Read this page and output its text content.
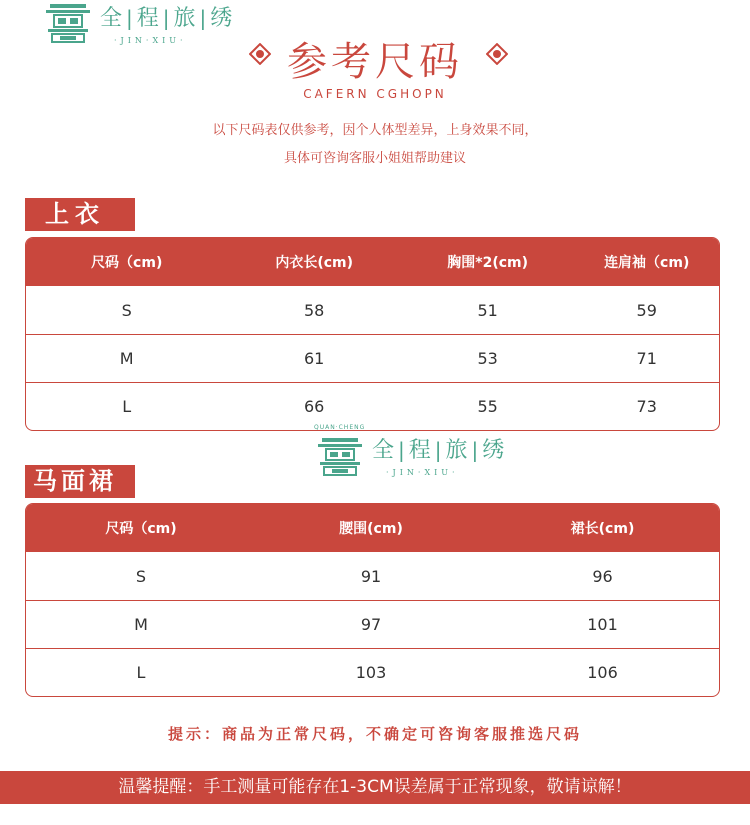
全 | 程 | 旅 | 绣
·JIN·XIU·	参考尺码
CAFERN CGHOPN
以下尺码表仅供参考，因个人体型差异，上身效果不同，
具体可咨询客服小姐姐帮助建议
上衣
尺码（cm)	内衣长(cm)	胸围*2(cm)	连肩袖（cm)
S	58	51	59
M	61	53	71
L	66	55	73
QUAN·CHENG
全 | 程 | 旅 | 绣
·JIN·XIU·
马面裙
尺码（cm)	腰围(cm)	裙长(cm)
S	91	96
M	97	101
L	103	106
提示：商品为正常尺码，不确定可咨询客服推选尺码
温馨提醒：手工测量可能存在1-3CM误差属于正常现象，敬请谅解！
